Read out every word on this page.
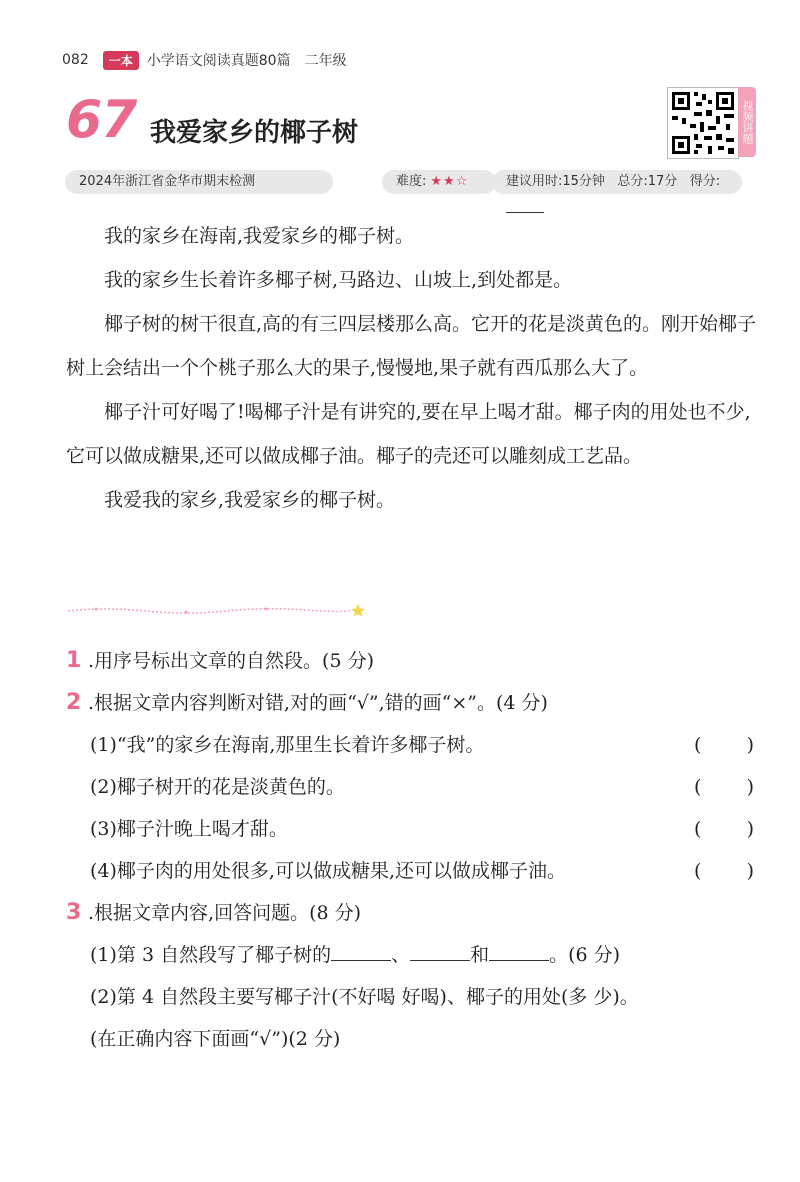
082	一本	小学语文阅读真题80篇 二年级
67 我爱家乡的椰子树	视频讲题
2024年浙江省金华市期末检测	难度: ★★☆	建议用时:15分钟 总分:17分 得分:

我的家乡在海南,我爱家乡的椰子树。

我的家乡生长着许多椰子树,马路边、山坡上,到处都是。

椰子树的树干很直,高的有三四层楼那么高。它开的花是淡黄色的。刚开始椰子树上会结出一个个桃子那么大的果子,慢慢地,果子就有西瓜那么大了。

椰子汁可好喝了!喝椰子汁是有讲究的,要在早上喝才甜。椰子肉的用处也不少,它可以做成糖果,还可以做成椰子油。椰子的壳还可以雕刻成工艺品。

我爱我的家乡,我爱家乡的椰子树。

1 .用序号标出文章的自然段。(5 分)
2 .根据文章内容判断对错,对的画“√”,错的画“×”。(4 分)
(1)“我”的家乡在海南,那里生长着许多椰子树。	( )
(2)椰子树开的花是淡黄色的。	( )
(3)椰子汁晚上喝才甜。	( )
(4)椰子肉的用处很多,可以做成糖果,还可以做成椰子油。	( )
3 .根据文章内容,回答问题。(8 分)
(1)第 3 自然段写了椰子树的	、	和	。(6 分)
(2)第 4 自然段主要写椰子汁(不好喝 好喝)、椰子的用处(多 少)。
(在正确内容下面画“√”)(2 分)
